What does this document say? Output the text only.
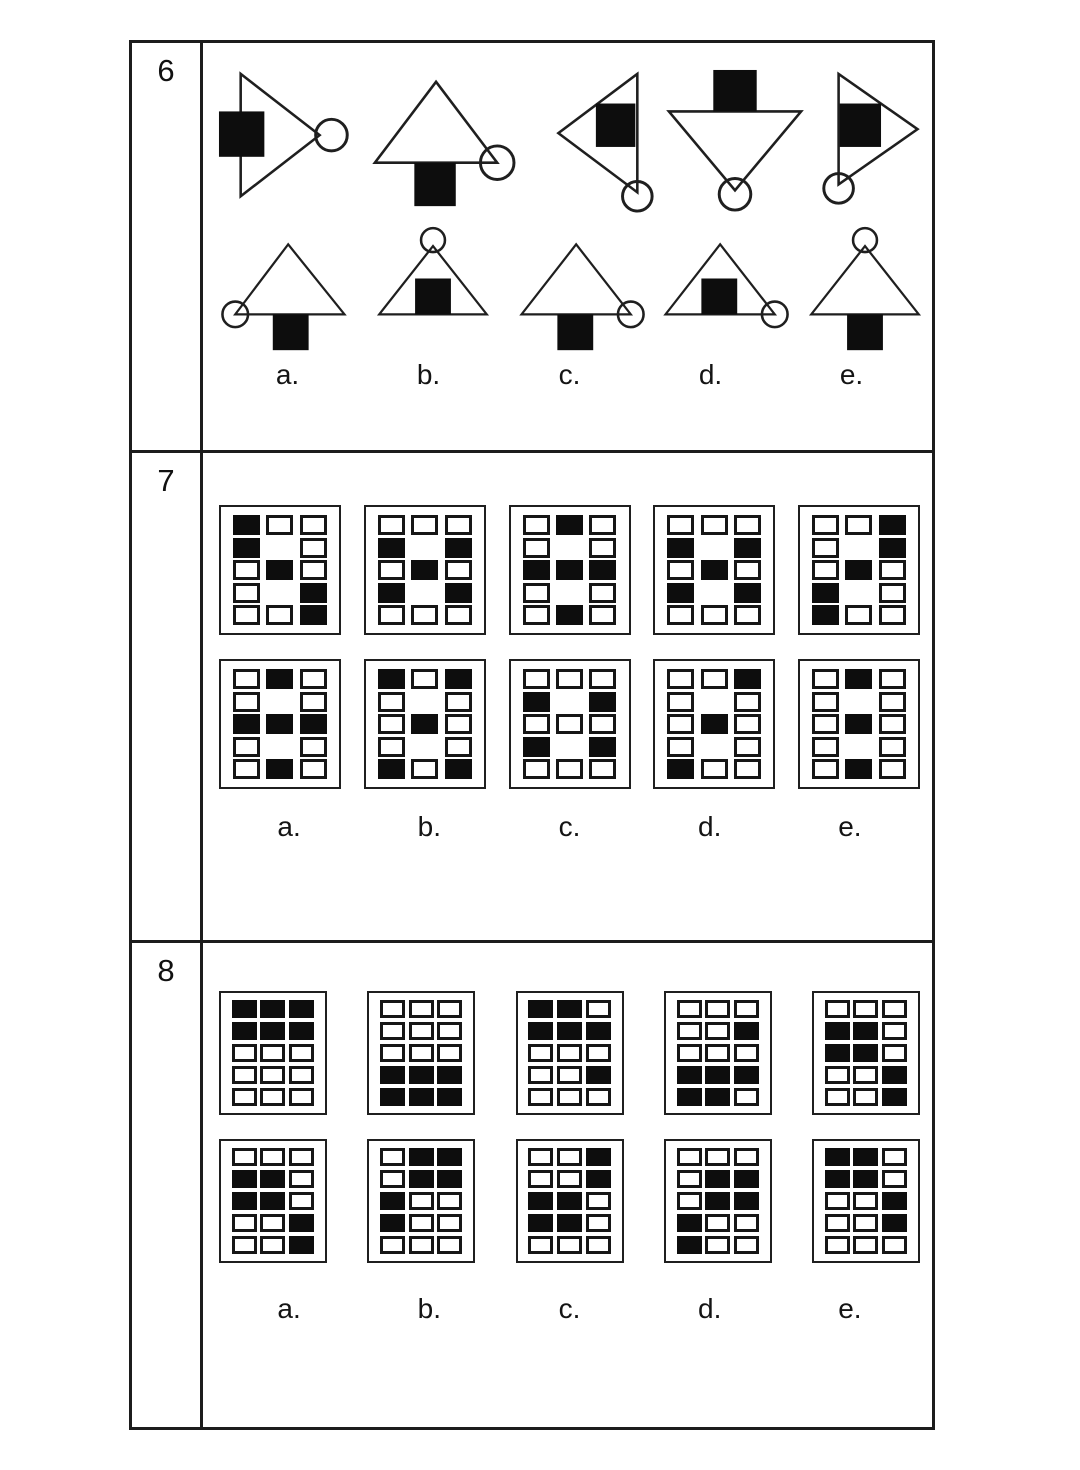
6
a.	b.	c.	d.	e.
7
a.	b.	c.	d.	e.
8
a.	b.	c.	d.	e.
